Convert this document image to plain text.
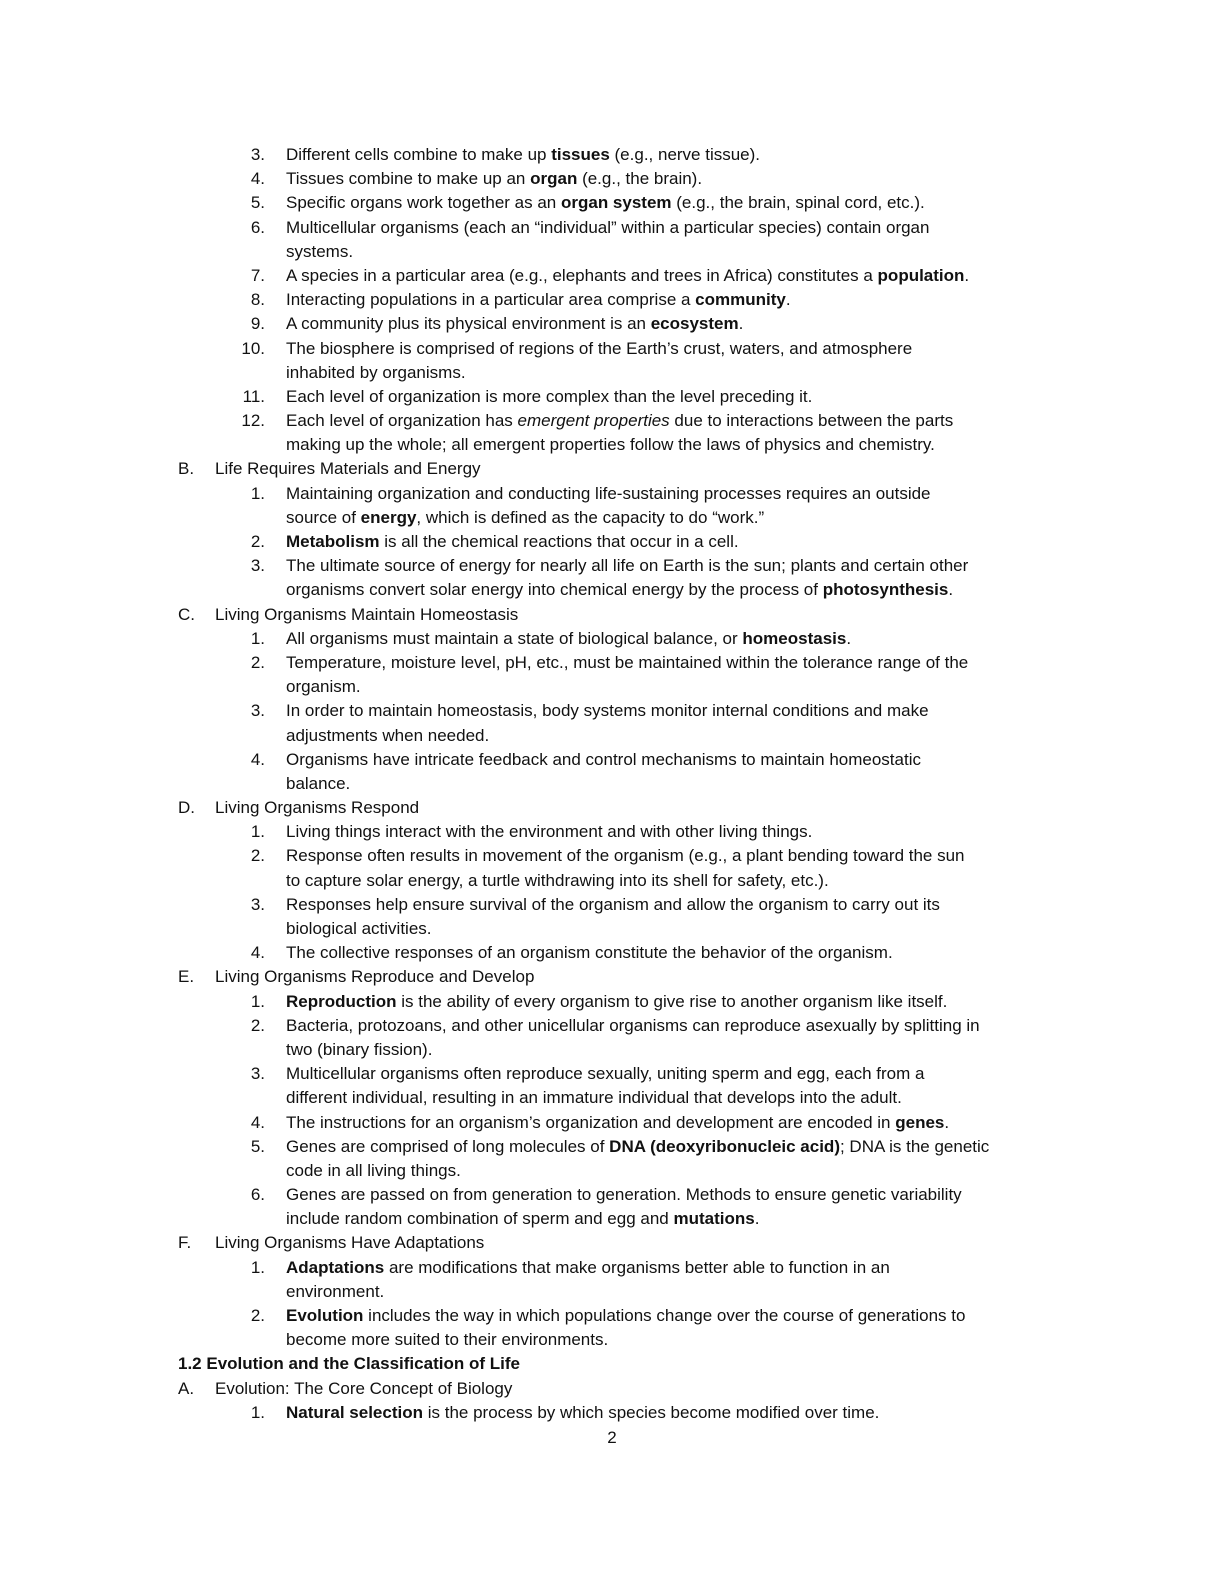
3. Different cells combine to make up tissues (e.g., nerve tissue).
4. Tissues combine to make up an organ (e.g., the brain).
5. Specific organs work together as an organ system (e.g., the brain, spinal cord, etc.).
6. Multicellular organisms (each an “individual” within a particular species) contain organ
systems.
7. A species in a particular area (e.g., elephants and trees in Africa) constitutes a population.
8. Interacting populations in a particular area comprise a community.
9. A community plus its physical environment is an ecosystem.
10. The biosphere is comprised of regions of the Earth’s crust, waters, and atmosphere
inhabited by organisms.
11. Each level of organization is more complex than the level preceding it.
12. Each level of organization has emergent properties due to interactions between the parts
making up the whole; all emergent properties follow the laws of physics and chemistry.
B. Life Requires Materials and Energy
1. Maintaining organization and conducting life-sustaining processes requires an outside
source of energy, which is defined as the capacity to do “work.”
2. Metabolism is all the chemical reactions that occur in a cell.
3. The ultimate source of energy for nearly all life on Earth is the sun; plants and certain other
organisms convert solar energy into chemical energy by the process of photosynthesis.
C. Living Organisms Maintain Homeostasis
1. All organisms must maintain a state of biological balance, or homeostasis.
2. Temperature, moisture level, pH, etc., must be maintained within the tolerance range of the
organism.
3. In order to maintain homeostasis, body systems monitor internal conditions and make
adjustments when needed.
4. Organisms have intricate feedback and control mechanisms to maintain homeostatic
balance.
D. Living Organisms Respond
1. Living things interact with the environment and with other living things.
2. Response often results in movement of the organism (e.g., a plant bending toward the sun
to capture solar energy, a turtle withdrawing into its shell for safety, etc.).
3. Responses help ensure survival of the organism and allow the organism to carry out its
biological activities.
4. The collective responses of an organism constitute the behavior of the organism.
E. Living Organisms Reproduce and Develop
1. Reproduction is the ability of every organism to give rise to another organism like itself.
2. Bacteria, protozoans, and other unicellular organisms can reproduce asexually by splitting in
two (binary fission).
3. Multicellular organisms often reproduce sexually, uniting sperm and egg, each from a
different individual, resulting in an immature individual that develops into the adult.
4. The instructions for an organism’s organization and development are encoded in genes.
5. Genes are comprised of long molecules of DNA (deoxyribonucleic acid); DNA is the genetic
code in all living things.
6. Genes are passed on from generation to generation. Methods to ensure genetic variability
include random combination of sperm and egg and mutations.
F. Living Organisms Have Adaptations
1. Adaptations are modifications that make organisms better able to function in an
environment.
2. Evolution includes the way in which populations change over the course of generations to
become more suited to their environments.
1.2 Evolution and the Classification of Life
A. Evolution: The Core Concept of Biology
1. Natural selection is the process by which species become modified over time.
2
